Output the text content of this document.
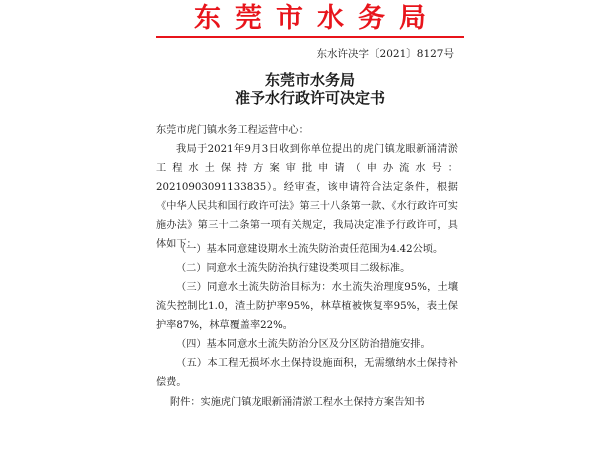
东莞市水务局
东水许决字〔2021〕8127号
东莞市水务局
准予水行政许可决定书
东莞市虎门镇水务工程运营中心：
我局于2021年9月3日收到你单位提出的虎门镇龙眼新涌清淤工程水土保持方案审批申请（申办流水号：20210903091133835）。经审查，该申请符合法定条件，根据《中华人民共和国行政许可法》第三十八条第一款、《水行政许可实施办法》第三十二条第一项有关规定，我局决定准予行政许可，具体如下：
（一）基本同意建设期水土流失防治责任范围为4.42公顷。
（二）同意水土流失防治执行建设类项目二级标准。
（三）同意水土流失防治目标为：水土流失治理度95%，土壤流失控制比1.0，渣土防护率95%，林草植被恢复率95%，表土保护率87%，林草覆盖率22%。
（四）基本同意水土流失防治分区及分区防治措施安排。
（五）本工程无损坏水土保持设施面积，无需缴纳水土保持补偿费。
附件：实施虎门镇龙眼新涌清淤工程水土保持方案告知书
